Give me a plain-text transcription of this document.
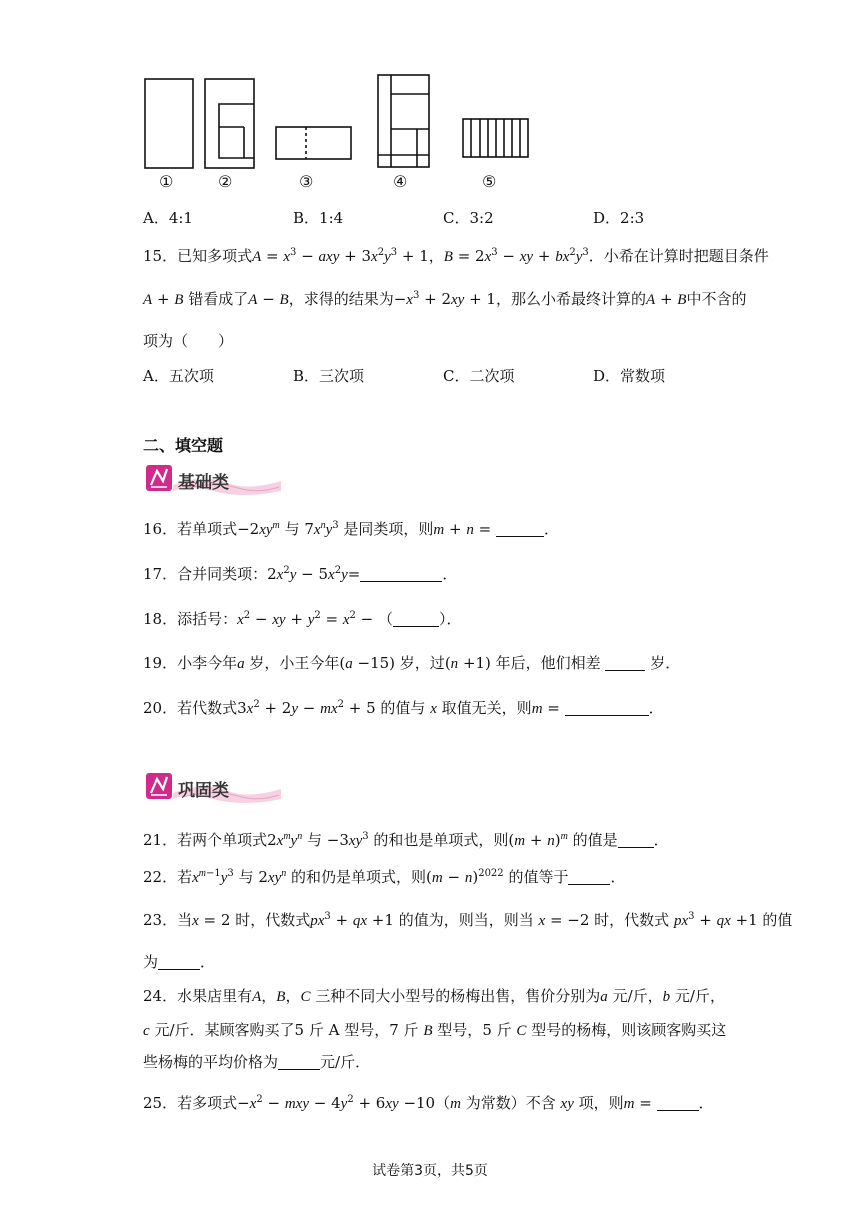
①	②	③	④	⑤
A．4:1	B．1:4	C．3:2	D．2:3
15．已知多项式$A = x^3$ − axy + $3x^2y^3 + 1$，$B = 2x^3$ − xy + $bx^2y^3$．小希在计算时把题目条件
A + B 错看成了A − B，求得的结果为$-x^3 + 2xy + 1$，那么小希最终计算的A + B中不含的
项为（　　）
A．五次项	B．三次项	C．二次项	D．常数项
二、填空题
基础类
16．若单项式$-2xy^m$ 与 $7x^ny^3$ 是同类项，则m + n =	．
17．合并同类项：$2x^2y - 5x^2y=$	．
18．添括号：$x^2$ − xy + $y^2 = x^2$ − （	）．
19．小李今年a 岁，小王今年(a −15) 岁，过(n +1) 年后，他们相差	岁．
20．若代数式$3x^2 + 2y - mx^2 + 5$ 的值与 x 取值无关，则m =	．
巩固类
21．若两个单项式$2x^my^n$ 与 $-3xy^3$ 的和也是单项式，则$(m + n)^m$ 的值是 ．
22．若$x^{m-1}y^3$ 与 $2xy^n$ 的和仍是单项式，则$(m - n)^{2022}$ 的值等于	．
23．当x = 2 时，代数式$px^3$ + qx +1 的值为，则当，则当 x = −2 时，代数式 $px^3$ + qx +1 的值
为	．
24．水果店里有A，B，C 三种不同大小型号的杨梅出售，售价分别为a 元/斤，b 元/斤，
c 元/斤．某顾客购买了5 斤 A 型号，7 斤 B 型号，5 斤 C 型号的杨梅，则该顾客购买这
些杨梅的平均价格为	元/斤．
25．若多项式$-x^2$ − mxy − $4y^2 + 6xy -10(m$ 为常数）不含 xy 项，则m =	．
试卷第3页，共5页
